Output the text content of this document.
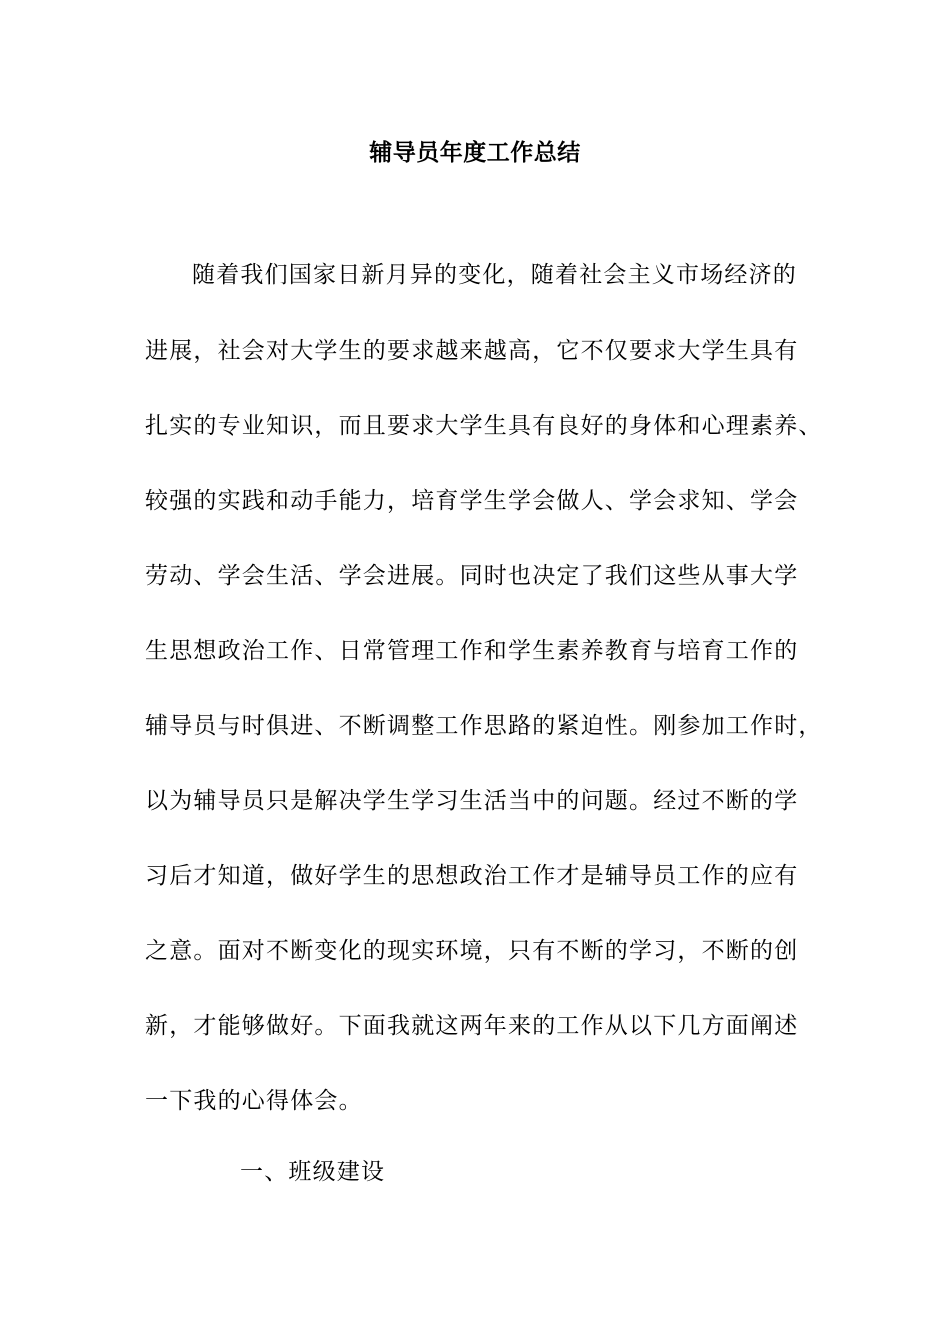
辅导员年度工作总结
随着我们国家日新月异的变化，随着社会主义市场经济的
进展，社会对大学生的要求越来越高，它不仅要求大学生具有
扎实的专业知识，而且要求大学生具有良好的身体和心理素养、
较强的实践和动手能力，培育学生学会做人、学会求知、学会
劳动、学会生活、学会进展。同时也决定了我们这些从事大学
生思想政治工作、日常管理工作和学生素养教育与培育工作的
辅导员与时俱进、不断调整工作思路的紧迫性。刚参加工作时，
以为辅导员只是解决学生学习生活当中的问题。经过不断的学
习后才知道，做好学生的思想政治工作才是辅导员工作的应有
之意。面对不断变化的现实环境，只有不断的学习，不断的创
新，才能够做好。下面我就这两年来的工作从以下几方面阐述
一下我的心得体会。
一、班级建设
